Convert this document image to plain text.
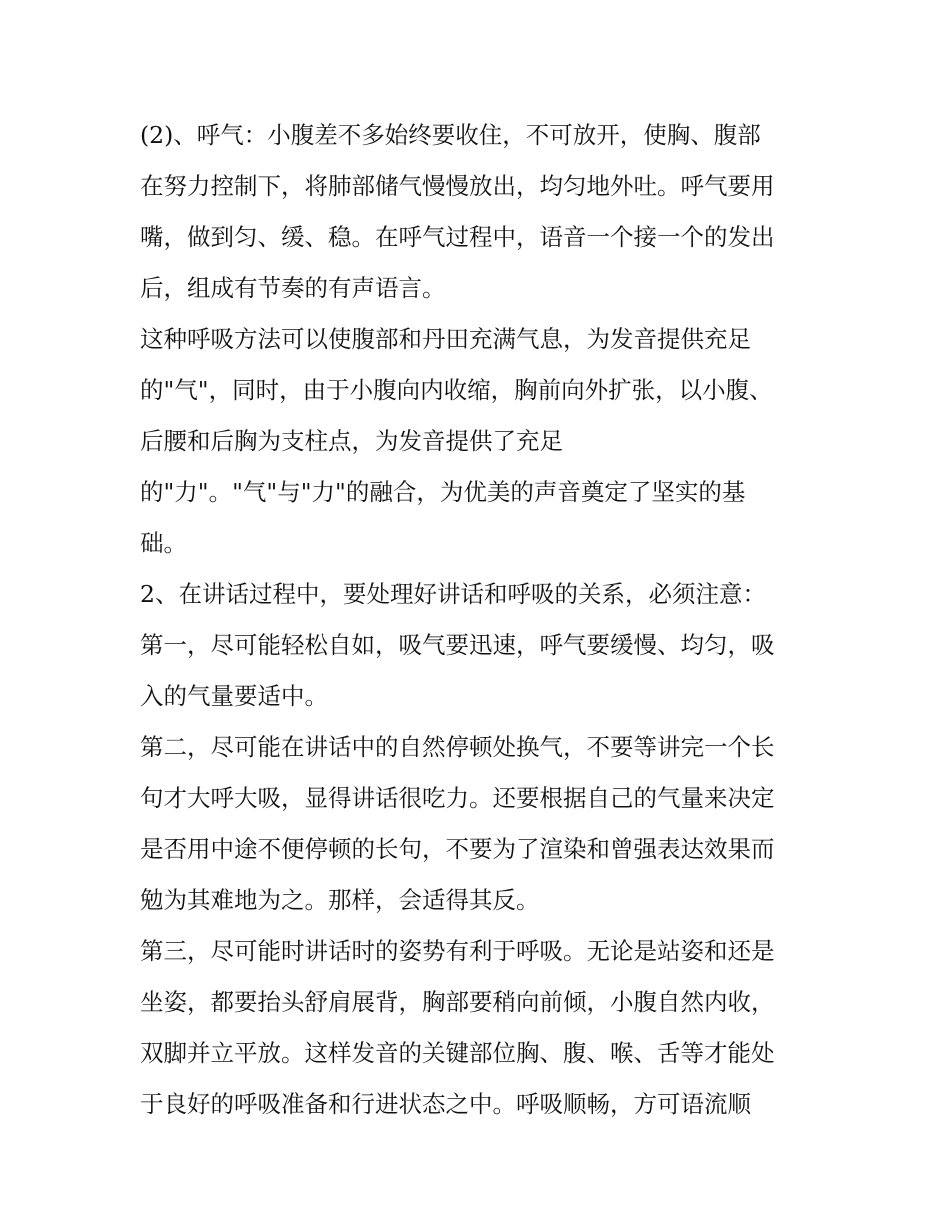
(2)、呼气：小腹差不多始终要收住，不可放开，使胸、腹部
在努力控制下，将肺部储气慢慢放出，均匀地外吐。呼气要用
嘴，做到匀、缓、稳。在呼气过程中，语音一个接一个的发出
后，组成有节奏的有声语言。
这种呼吸方法可以使腹部和丹田充满气息，为发音提供充足
的"气"，同时，由于小腹向内收缩，胸前向外扩张，以小腹、
后腰和后胸为支柱点，为发音提供了充足
的"力"。"气"与"力"的融合，为优美的声音奠定了坚实的基
础。
2、在讲话过程中，要处理好讲话和呼吸的关系，必须注意：
第一，尽可能轻松自如，吸气要迅速，呼气要缓慢、均匀，吸
入的气量要适中。
第二，尽可能在讲话中的自然停顿处换气，不要等讲完一个长
句才大呼大吸，显得讲话很吃力。还要根据自己的气量来决定
是否用中途不便停顿的长句，不要为了渲染和曾强表达效果而
勉为其难地为之。那样，会适得其反。
第三，尽可能时讲话时的姿势有利于呼吸。无论是站姿和还是
坐姿，都要抬头舒肩展背，胸部要稍向前倾，小腹自然内收，
双脚并立平放。这样发音的关键部位胸、腹、喉、舌等才能处
于良好的呼吸准备和行进状态之中。呼吸顺畅，方可语流顺
